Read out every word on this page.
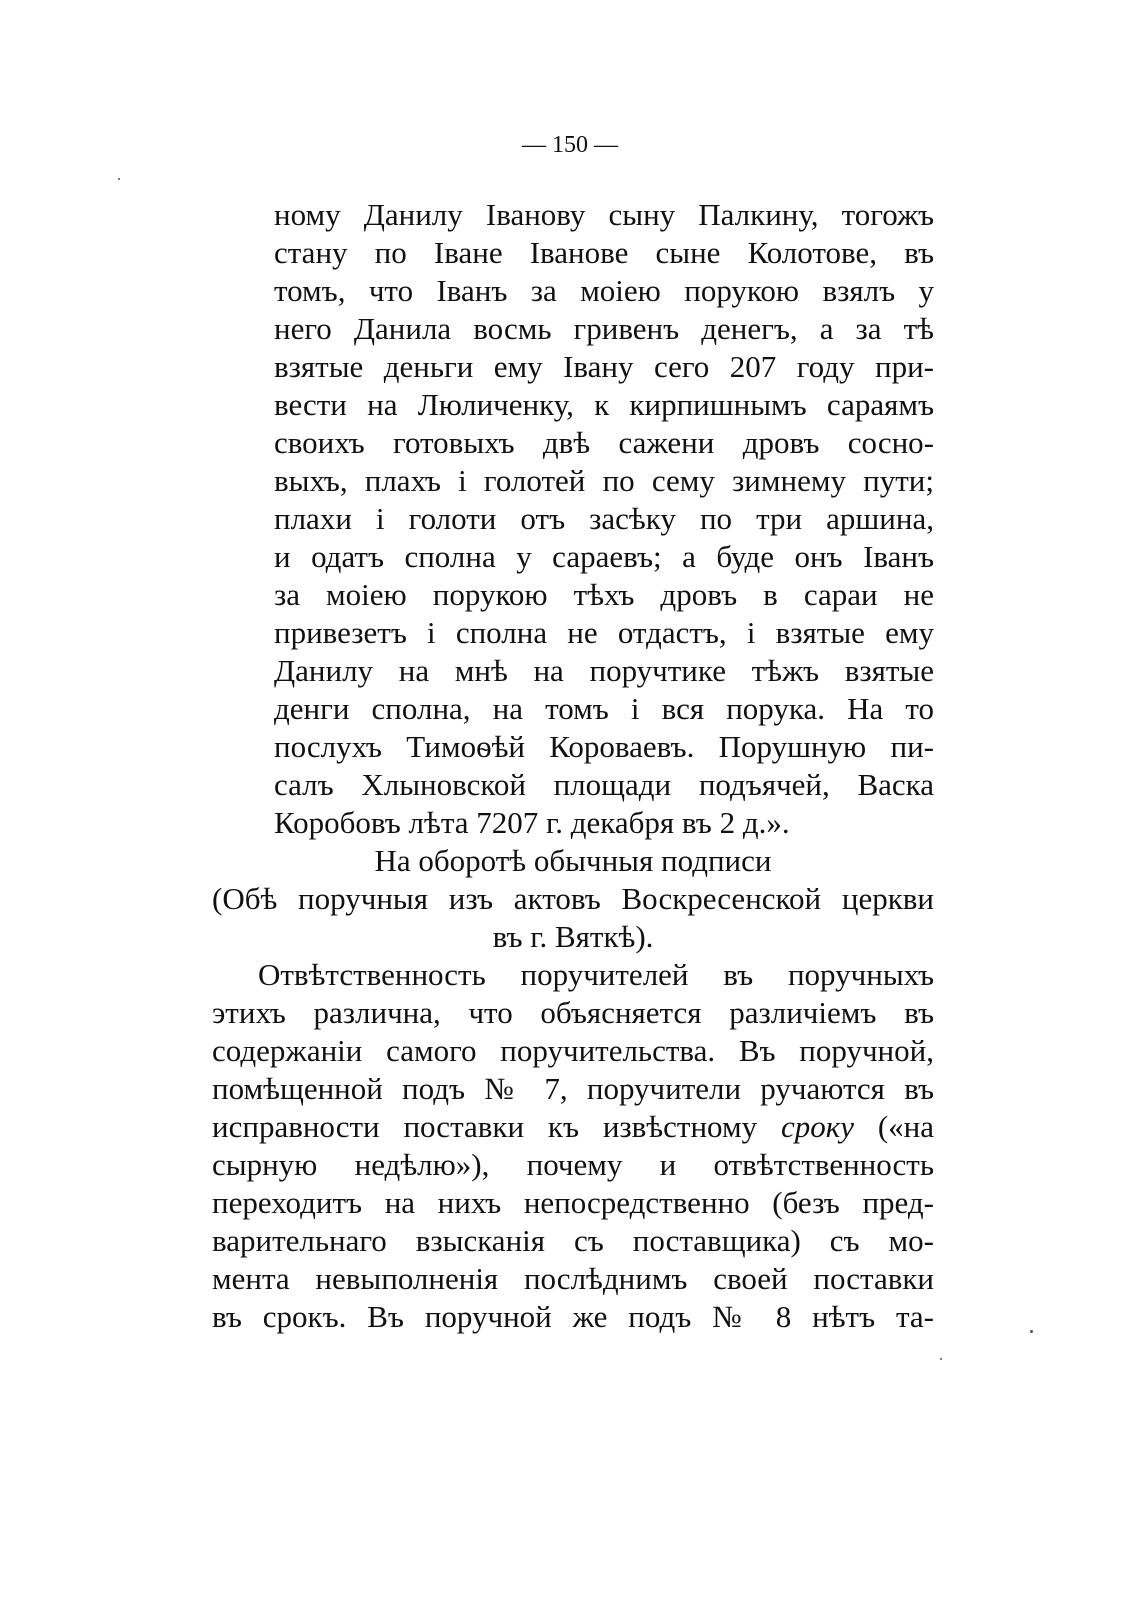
— 150 —
ному Данилу Іванову сыну Палкину, тогожъ
стану по Іване Іванове сыне Колотове, въ
томъ, что Іванъ за моіею порукою взялъ у
него Данила восмь гривенъ денегъ, а за тѣ
взятые деньги ему Івану сего 207 году при-
вести на Люличенку, к кирпишнымъ сараямъ
своихъ готовыхъ двѣ сажени дровъ сосно-
выхъ, плахъ і голотей по сему зимнему пути;
плахи і голоти отъ засѣку по три аршина,
и одатъ сполна у сараевъ; а буде онъ Іванъ
за моіею порукою тѣхъ дровъ в сараи не
привезетъ і сполна не отдастъ, і взятые ему
Данилу на мнѣ на поручтике тѣжъ взятые
денги сполна, на томъ і вся порука. На то
послухъ Тимоѳѣй Короваевъ. Порушную пи-
салъ Хлыновской площади подъячей, Васка
Коробовъ лѣта 7207 г. декабря въ 2 д.».
На оборотѣ обычныя подписи
(Обѣ поручныя изъ актовъ Воскресенской церкви
въ г. Вяткѣ).
Отвѣтственность поручителей въ поручныхъ
этихъ различна, что объясняется различіемъ въ
содержаніи самого поручительства. Въ поручной,
помѣщенной подъ № 7, поручители ручаются въ
исправности поставки къ извѣстному сроку («на
сыpную недѣлю»), почему и отвѣтственность
переходитъ на нихъ непосредственно (безъ пред-
варительнаго взысканія съ поставщика) съ мо-
мента невыполненія послѣднимъ своей поставки
въ срокъ. Въ поручной же подъ № 8 нѣтъ та-
